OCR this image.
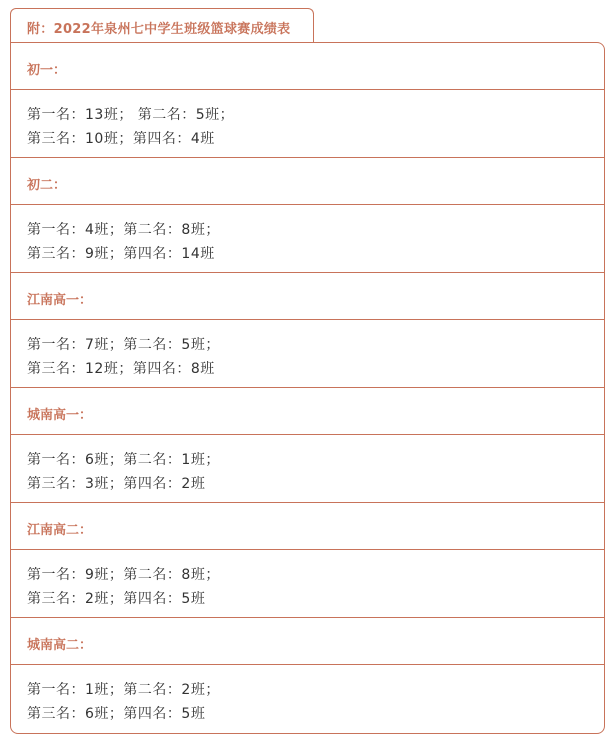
附：2022年泉州七中学生班级篮球赛成绩表
初一：
第一名：13班； 第二名：5班；
第三名：10班；第四名：4班
初二：
第一名：4班；第二名：8班；
第三名：9班；第四名：14班
江南高一：
第一名：7班；第二名：5班；
第三名：12班；第四名：8班
城南高一：
第一名：6班；第二名：1班；
第三名：3班；第四名：2班
江南高二：
第一名：9班；第二名：8班；
第三名：2班；第四名：5班
城南高二：
第一名：1班；第二名：2班；
第三名：6班；第四名：5班
